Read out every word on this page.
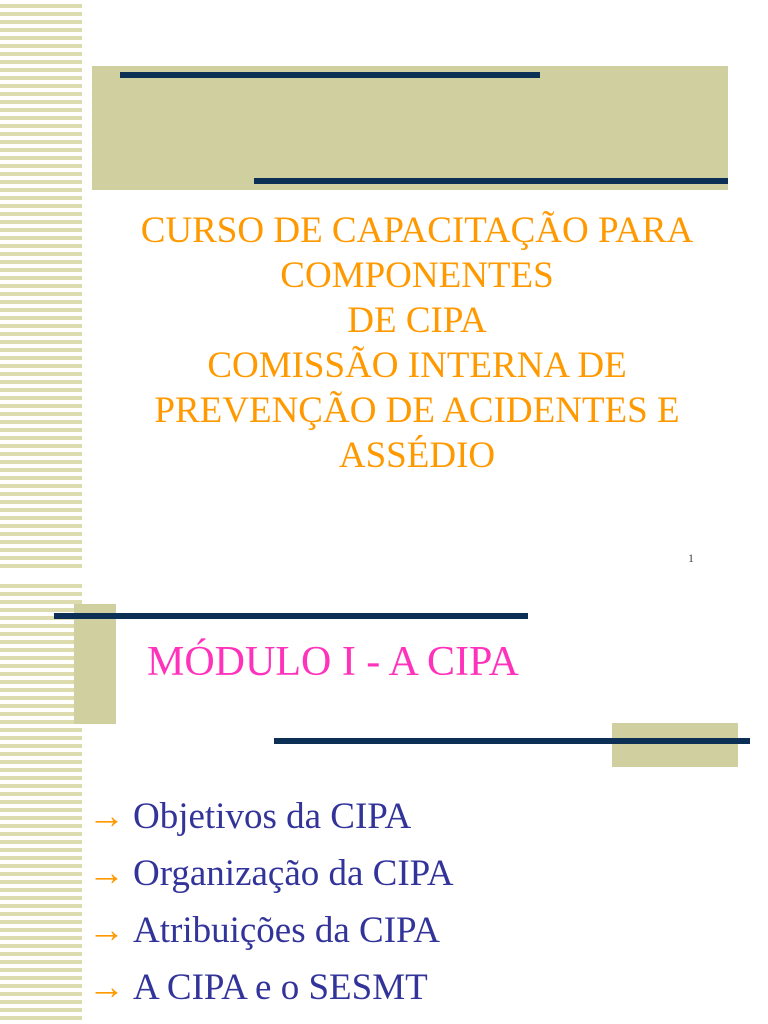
CURSO DE CAPACITAÇÃO PARA
COMPONENTES
DE CIPA
COMISSÃO INTERNA DE
PREVENÇÃO DE ACIDENTES E
ASSÉDIO
1
MÓDULO I - A CIPA
→ Objetivos da CIPA
→ Organização da CIPA
→ Atribuições da CIPA
→ A CIPA e o SESMT
